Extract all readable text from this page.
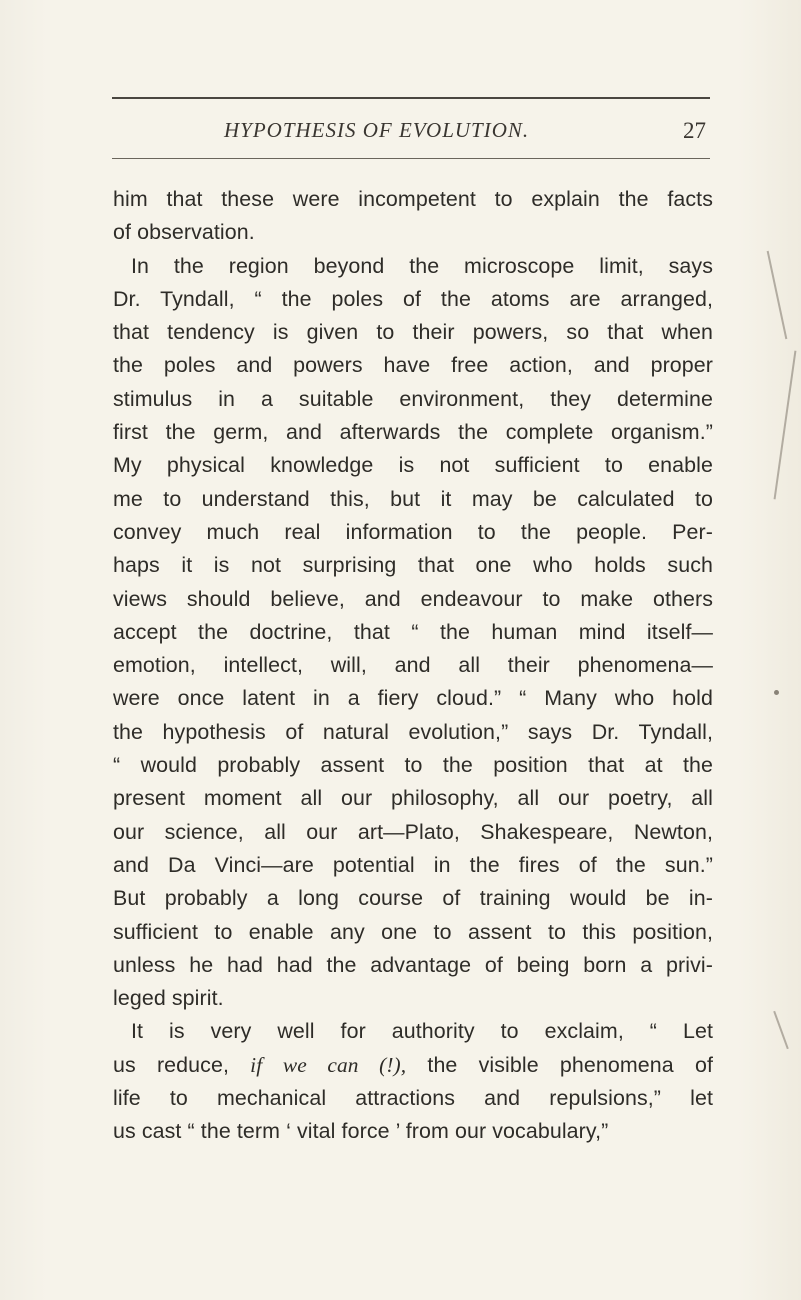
HYPOTHESIS OF EVOLUTION.	27
him that these were incompetent to explain the facts
of observation.
In the region beyond the microscope limit, says
Dr. Tyndall, “ the poles of the atoms are arranged,
that tendency is given to their powers, so that when
the poles and powers have free action, and proper
stimulus in a suitable environment, they determine
first the germ, and afterwards the complete organism.”
My physical knowledge is not sufficient to enable
me to understand this, but it may be calculated to
convey much real information to the people. Per-
haps it is not surprising that one who holds such
views should believe, and endeavour to make others
accept the doctrine, that “ the human mind itself—
emotion, intellect, will, and all their phenomena—
were once latent in a fiery cloud.” “ Many who hold
the hypothesis of natural evolution,” says Dr. Tyndall,
“ would probably assent to the position that at the
present moment all our philosophy, all our poetry, all
our science, all our art—Plato, Shakespeare, Newton,
and Da Vinci—are potential in the fires of the sun.”
But probably a long course of training would be in-
sufficient to enable any one to assent to this position,
unless he had had the advantage of being born a privi-
leged spirit.
It is very well for authority to exclaim, “ Let
us reduce, if we can (!), the visible phenomena of
life to mechanical attractions and repulsions,” let
us cast “ the term ‘ vital force ’ from our vocabulary,”
